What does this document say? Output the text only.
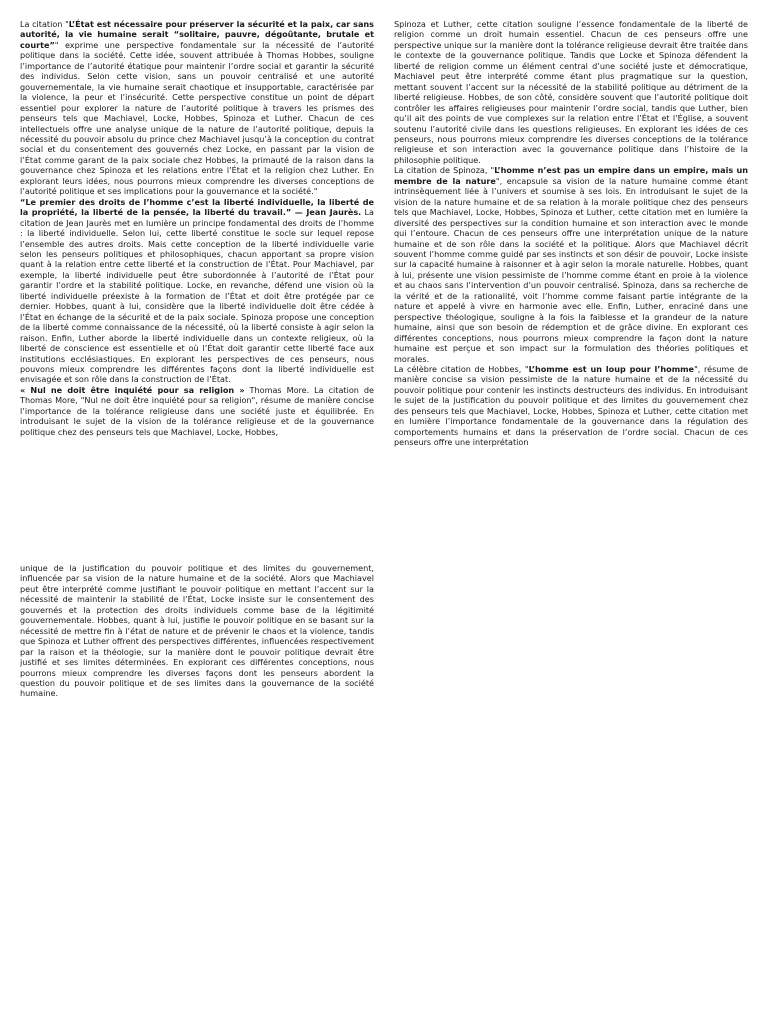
La citation "L’État est nécessaire pour préserver la sécurité et la paix, car sans autorité, la vie humaine serait “solitaire, pauvre, dégoûtante, brutale et courte”" exprime une perspective fondamentale sur la nécessité de l’autorité politique dans la société. Cette idée, souvent attribuée à Thomas Hobbes, souligne l’importance de l’autorité étatique pour maintenir l’ordre social et garantir la sécurité des individus. Selon cette vision, sans un pouvoir centralisé et une autorité gouvernementale, la vie humaine serait chaotique et insupportable, caractérisée par la violence, la peur et l’insécurité. Cette perspective constitue un point de départ essentiel pour explorer la nature de l’autorité politique à travers les prismes des penseurs tels que Machiavel, Locke, Hobbes, Spinoza et Luther. Chacun de ces intellectuels offre une analyse unique de la nature de l’autorité politique, depuis la nécessité du pouvoir absolu du prince chez Machiavel jusqu’à la conception du contrat social et du consentement des gouvernés chez Locke, en passant par la vision de l’État comme garant de la paix sociale chez Hobbes, la primauté de la raison dans la gouvernance chez Spinoza et les relations entre l’État et la religion chez Luther. En explorant leurs idées, nous pourrons mieux comprendre les diverses conceptions de l’autorité politique et ses implications pour la gouvernance et la société."

“Le premier des droits de l’homme c’est la liberté individuelle, la liberté de la propriété, la liberté de la pensée, la liberté du travail.” — Jean Jaurès. La citation de Jean Jaurès met en lumière un principe fondamental des droits de l’homme : la liberté individuelle. Selon lui, cette liberté constitue le socle sur lequel repose l’ensemble des autres droits. Mais cette conception de la liberté individuelle varie selon les penseurs politiques et philosophiques, chacun apportant sa propre vision quant à la relation entre cette liberté et la construction de l’État. Pour Machiavel, par exemple, la liberté individuelle peut être subordonnée à l’autorité de l’État pour garantir l’ordre et la stabilité politique. Locke, en revanche, défend une vision où la liberté individuelle préexiste à la formation de l’État et doit être protégée par ce dernier. Hobbes, quant à lui, considère que la liberté individuelle doit être cédée à l’État en échange de la sécurité et de la paix sociale. Spinoza propose une conception de la liberté comme connaissance de la nécessité, où la liberté consiste à agir selon la raison. Enfin, Luther aborde la liberté individuelle dans un contexte religieux, où la liberté de conscience est essentielle et où l’État doit garantir cette liberté face aux institutions ecclésiastiques. En explorant les perspectives de ces penseurs, nous pouvons mieux comprendre les différentes façons dont la liberté individuelle est envisagée et son rôle dans la construction de l’État.

« Nul ne doit être inquiété pour sa religion » Thomas More. La citation de Thomas More, "Nul ne doit être inquiété pour sa religion", résume de manière concise l’importance de la tolérance religieuse dans une société juste et équilibrée. En introduisant le sujet de la vision de la tolérance religieuse et de la gouvernance politique chez des penseurs tels que Machiavel, Locke, Hobbes,

Spinoza et Luther, cette citation souligne l’essence fondamentale de la liberté de religion comme un droit humain essentiel. Chacun de ces penseurs offre une perspective unique sur la manière dont la tolérance religieuse devrait être traitée dans le contexte de la gouvernance politique. Tandis que Locke et Spinoza défendent la liberté de religion comme un élément central d’une société juste et démocratique, Machiavel peut être interprété comme étant plus pragmatique sur la question, mettant souvent l’accent sur la nécessité de la stabilité politique au détriment de la liberté religieuse. Hobbes, de son côté, considère souvent que l’autorité politique doit contrôler les affaires religieuses pour maintenir l’ordre social, tandis que Luther, bien qu’il ait des points de vue complexes sur la relation entre l’État et l’Église, a souvent soutenu l’autorité civile dans les questions religieuses. En explorant les idées de ces penseurs, nous pourrons mieux comprendre les diverses conceptions de la tolérance religieuse et son interaction avec la gouvernance politique dans l’histoire de la philosophie politique.

La citation de Spinoza, "L’homme n’est pas un empire dans un empire, mais un membre de la nature", encapsule sa vision de la nature humaine comme étant intrinsèquement liée à l’univers et soumise à ses lois. En introduisant le sujet de la vision de la nature humaine et de sa relation à la morale politique chez des penseurs tels que Machiavel, Locke, Hobbes, Spinoza et Luther, cette citation met en lumière la diversité des perspectives sur la condition humaine et son interaction avec le monde qui l’entoure. Chacun de ces penseurs offre une interprétation unique de la nature humaine et de son rôle dans la société et la politique. Alors que Machiavel décrit souvent l’homme comme guidé par ses instincts et son désir de pouvoir, Locke insiste sur la capacité humaine à raisonner et à agir selon la morale naturelle. Hobbes, quant à lui, présente une vision pessimiste de l’homme comme étant en proie à la violence et au chaos sans l’intervention d’un pouvoir centralisé. Spinoza, dans sa recherche de la vérité et de la rationalité, voit l’homme comme faisant partie intégrante de la nature et appelé à vivre en harmonie avec elle. Enfin, Luther, enraciné dans une perspective théologique, souligne à la fois la faiblesse et la grandeur de la nature humaine, ainsi que son besoin de rédemption et de grâce divine. En explorant ces différentes conceptions, nous pourrons mieux comprendre la façon dont la nature humaine est perçue et son impact sur la formulation des théories politiques et morales.

La célèbre citation de Hobbes, "L’homme est un loup pour l’homme", résume de manière concise sa vision pessimiste de la nature humaine et de la nécessité du pouvoir politique pour contenir les instincts destructeurs des individus. En introduisant le sujet de la justification du pouvoir politique et des limites du gouvernement chez des penseurs tels que Machiavel, Locke, Hobbes, Spinoza et Luther, cette citation met en lumière l’importance fondamentale de la gouvernance dans la régulation des comportements humains et dans la préservation de l’ordre social. Chacun de ces penseurs offre une interprétation

unique de la justification du pouvoir politique et des limites du gouvernement, influencée par sa vision de la nature humaine et de la société. Alors que Machiavel peut être interprété comme justifiant le pouvoir politique en mettant l’accent sur la nécessité de maintenir la stabilité de l’État, Locke insiste sur le consentement des gouvernés et la protection des droits individuels comme base de la légitimité gouvernementale. Hobbes, quant à lui, justifie le pouvoir politique en se basant sur la nécessité de mettre fin à l’état de nature et de prévenir le chaos et la violence, tandis que Spinoza et Luther offrent des perspectives différentes, influencées respectivement par la raison et la théologie, sur la manière dont le pouvoir politique devrait être justifié et ses limites déterminées. En explorant ces différentes conceptions, nous pourrons mieux comprendre les diverses façons dont les penseurs abordent la question du pouvoir politique et de ses limites dans la gouvernance de la société humaine.
